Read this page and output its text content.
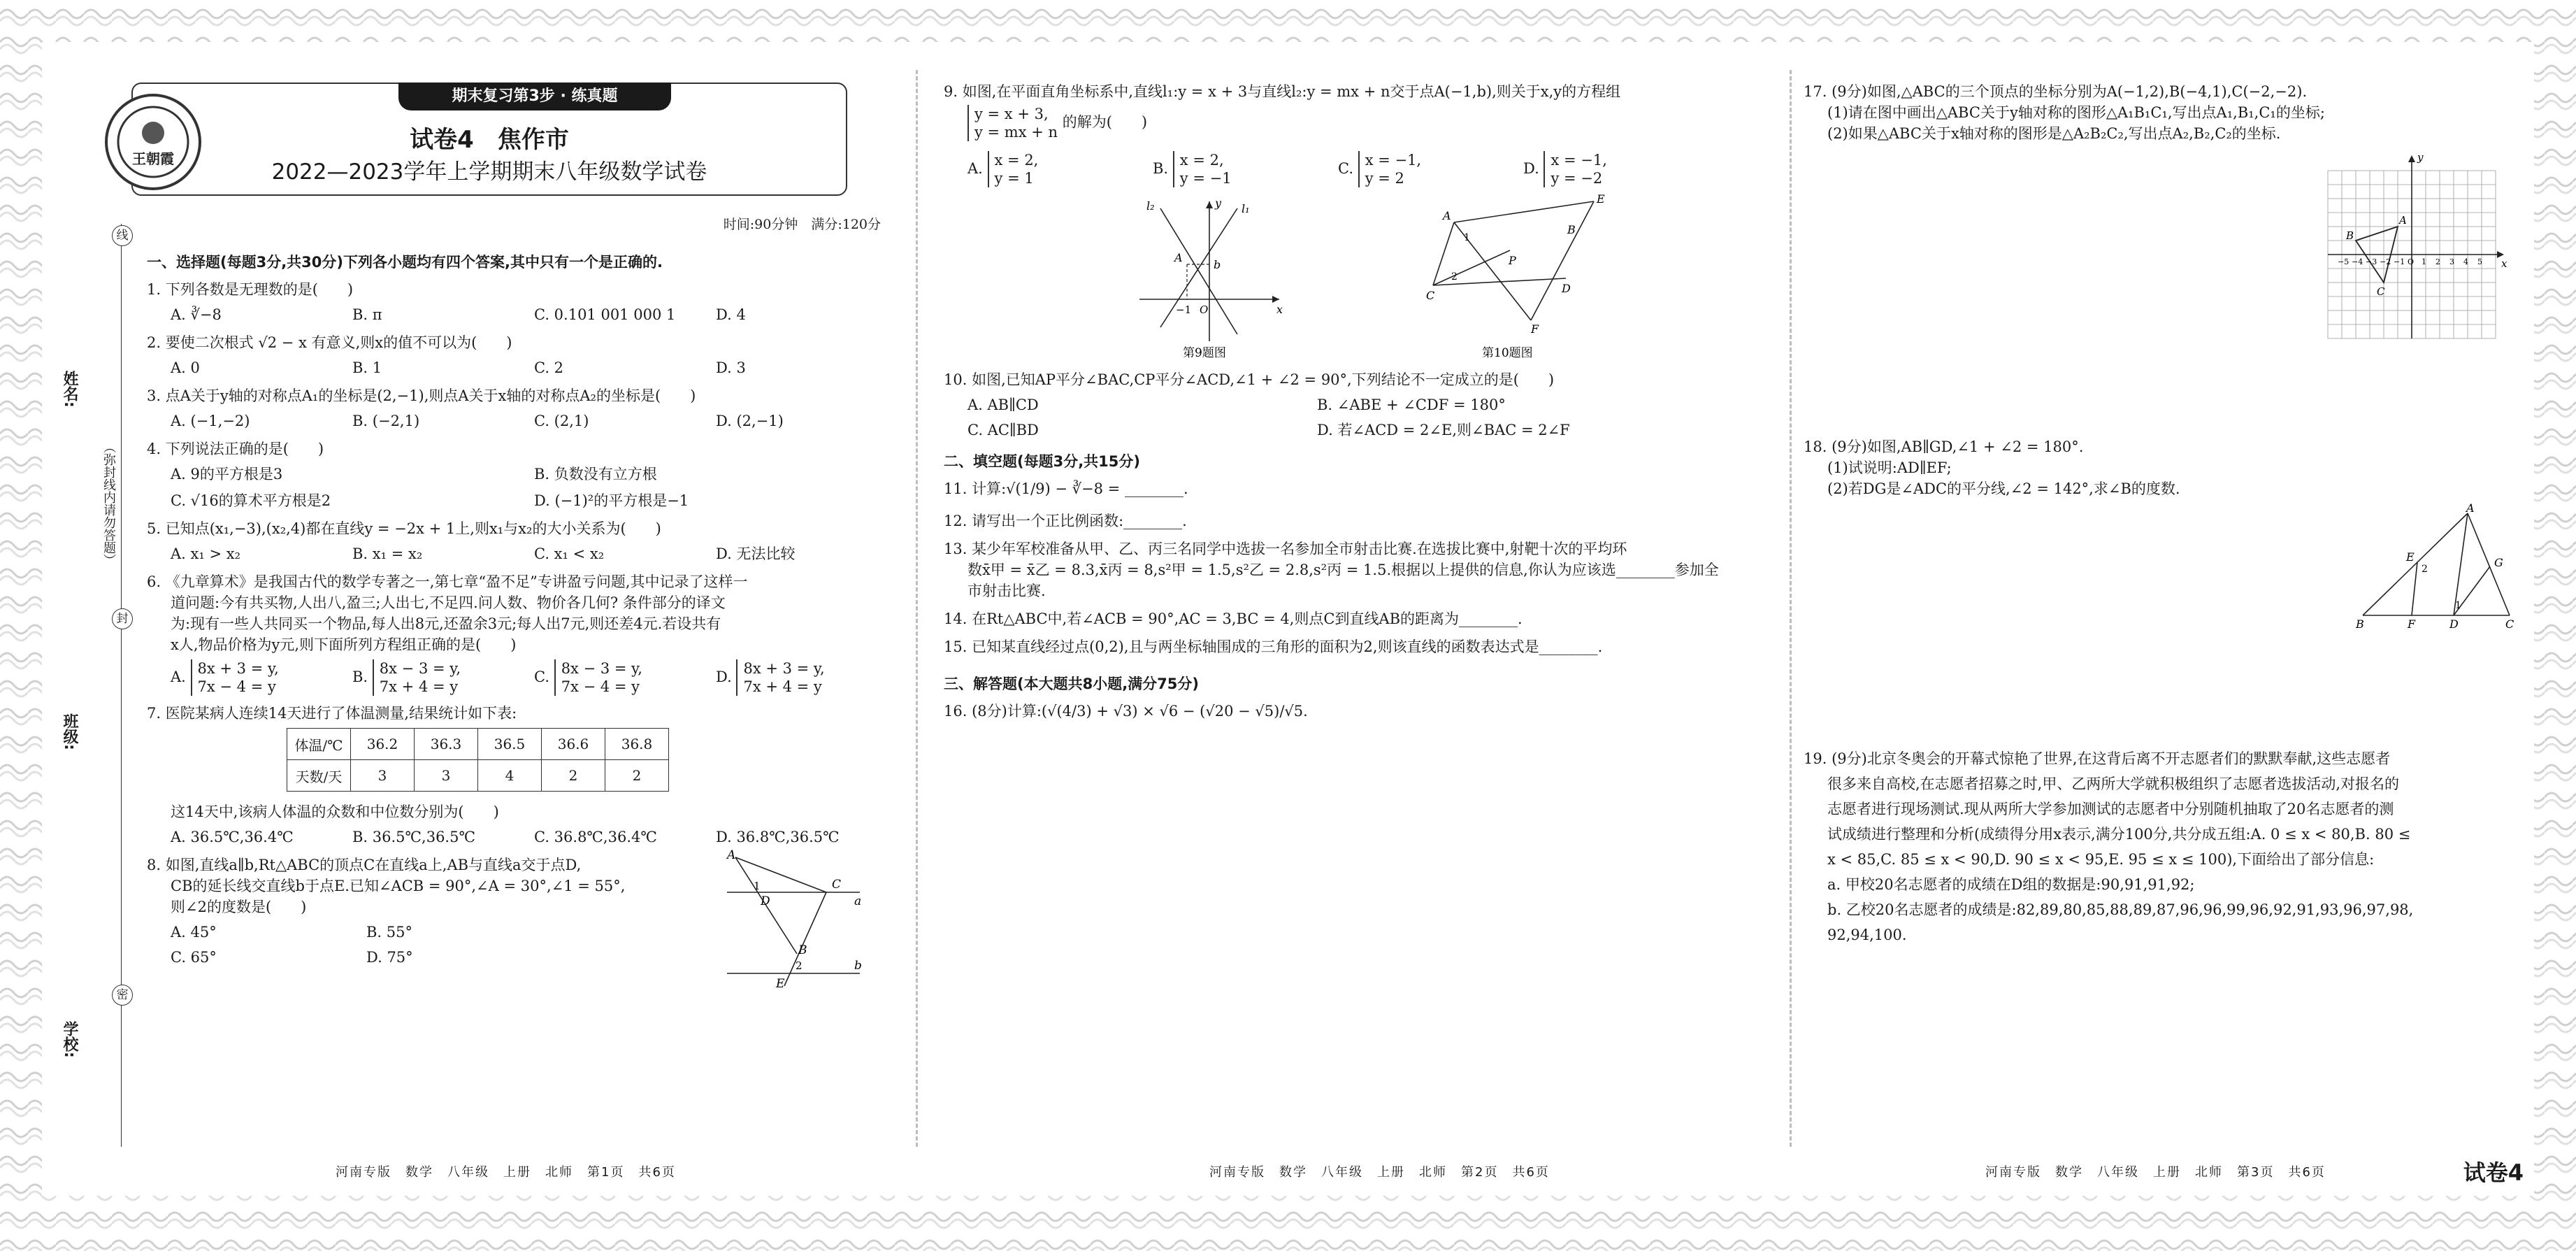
姓名:
班级:
学校:
（弥封线内请勿答题）
线
封
密
期末复习第3步 · 练真题
王朝霞
试卷4　焦作市
2022—2023学年上学期期末八年级数学试卷
时间:90分钟　满分:120分
一、选择题(每题3分,共30分)下列各小题均有四个答案,其中只有一个是正确的.

1. 下列各数是无理数的是(　　)

A. ∛−8	B. π	C. 0.101 001 000 1	D. 4

2. 要使二次根式 √2 − x 有意义,则x的值不可以为(　　)

A. 0	B. 1	C. 2	D. 3

3. 点A关于y轴的对称点A₁的坐标是(2,−1),则点A关于x轴的对称点A₂的坐标是(　　)

A. (−1,−2)	B. (−2,1)	C. (2,1)	D. (2,−1)

4. 下列说法正确的是(　　)

A. 9的平方根是3	B. 负数没有立方根
C. √16的算术平方根是2	D. (−1)²的平方根是−1

5. 已知点(x₁,−3),(x₂,4)都在直线y = −2x + 1上,则x₁与x₂的大小关系为(　　)

A. x₁ > x₂	B. x₁ = x₂	C. x₁ < x₂	D. 无法比较

6. 《九章算术》是我国古代的数学专著之一,第七章“盈不足”专讲盈亏问题,其中记录了这样一

道问题:今有共买物,人出八,盈三;人出七,不足四.问人数、物价各几何? 条件部分的译文

为:现有一些人共同买一个物品,每人出8元,还盈余3元;每人出7元,则还差4元.若设共有

x人,物品价格为y元,则下面所列方程组正确的是(　　)

A. 8x + 3 = y,
7x − 4 = y
B. 8x − 3 = y,
7x + 4 = y
C. 8x − 3 = y,
7x − 4 = y
D. 8x + 3 = y,
7x + 4 = y

7. 医院某病人连续14天进行了体温测量,结果统计如下表:

体温/℃	36.2	36.3	36.5	36.6	36.8
天数/天	3	3	4	2	2

这14天中,该病人体温的众数和中位数分别为(　　)

A. 36.5℃,36.4℃	B. 36.5℃,36.5℃	C. 36.8℃,36.4℃	D. 36.8℃,36.5℃

8. 如图,直线a∥b,Rt△ABC的顶点C在直线a上,AB与直线a交于点D,

CB的延长线交直线b于点E.已知∠ACB = 90°,∠A = 30°,∠1 = 55°,

则∠2的度数是(　　)

A. 45°	B. 55°
C. 65°	D. 75°
A
C
D
B
E
a
b
1
2
河南专版　数学　八年级　上册　北师　第1页　共6页

9. 如图,在平面直角坐标系中,直线l₁:y = x + 3与直线l₂:y = mx + n交于点A(−1,b),则关于x,y的方程组

y = x + 3,
y = mx + n 的解为(　　)

A. x = 2,
y = 1
B. x = 2,
y = −1
C. x = −1,
y = 2
D. x = −1,
y = −2
l₂	l₁
y
A
b
x
−1 O
第9题图
A
E
1
B
P
C
2
D
F
第10题图

10. 如图,已知AP平分∠BAC,CP平分∠ACD,∠1 + ∠2 = 90°,下列结论不一定成立的是(　　)

A. AB∥CD	B. ∠ABE + ∠CDF = 180°
C. AC∥BD	D. 若∠ACD = 2∠E,则∠BAC = 2∠F
二、填空题(每题3分,共15分)

11. 计算:√(1/9) − ∛−8 = ________.

12. 请写出一个正比例函数:________.

13. 某少年军校准备从甲、乙、丙三名同学中选拔一名参加全市射击比赛.在选拔比赛中,射靶十次的平均环

数x̄甲 = x̄乙 = 8.3,x̄丙 = 8,s²甲 = 1.5,s²乙 = 2.8,s²丙 = 1.5.根据以上提供的信息,你认为应该选________参加全

市射击比赛.

14. 在Rt△ABC中,若∠ACB = 90°,AC = 3,BC = 4,则点C到直线AB的距离为________.

15. 已知某直线经过点(0,2),且与两坐标轴围成的三角形的面积为2,则该直线的函数表达式是________.

三、解答题(本大题共8小题,满分75分)

16. (8分)计算:(√(4/3) + √3) × √6 − (√20 − √5)/√5.

河南专版　数学　八年级　上册　北师　第2页　共6页

17. (9分)如图,△ABC的三个顶点的坐标分别为A(−1,2),B(−4,1),C(−2,−2).

(1)请在图中画出△ABC关于y轴对称的图形△A₁B₁C₁,写出点A₁,B₁,C₁的坐标;

(2)如果△ABC关于x轴对称的图形是△A₂B₂C₂,写出点A₂,B₂,C₂的坐标.

A
B
C
x
y
−5 −4 −3 −2 −1 O 1 2 3 4 5

18. (9分)如图,AB∥GD,∠1 + ∠2 = 180°.

(1)试说明:AD∥EF;

(2)若DG是∠ADC的平分线,∠2 = 142°,求∠B的度数.

A
E
2	G
1
B	F	D	C

19. (9分)北京冬奥会的开幕式惊艳了世界,在这背后离不开志愿者们的默默奉献,这些志愿者

很多来自高校,在志愿者招募之时,甲、乙两所大学就积极组织了志愿者选拔活动,对报名的

志愿者进行现场测试.现从两所大学参加测试的志愿者中分别随机抽取了20名志愿者的测

试成绩进行整理和分析(成绩得分用x表示,满分100分,共分成五组:A. 0 ≤ x < 80,B. 80 ≤

x < 85,C. 85 ≤ x < 90,D. 90 ≤ x < 95,E. 95 ≤ x ≤ 100),下面给出了部分信息:

a. 甲校20名志愿者的成绩在D组的数据是:90,91,91,92;

b. 乙校20名志愿者的成绩是:82,89,80,85,88,89,87,96,96,99,96,92,91,93,96,97,98,

92,94,100.

河南专版　数学　八年级　上册　北师　第3页　共6页	试卷4
